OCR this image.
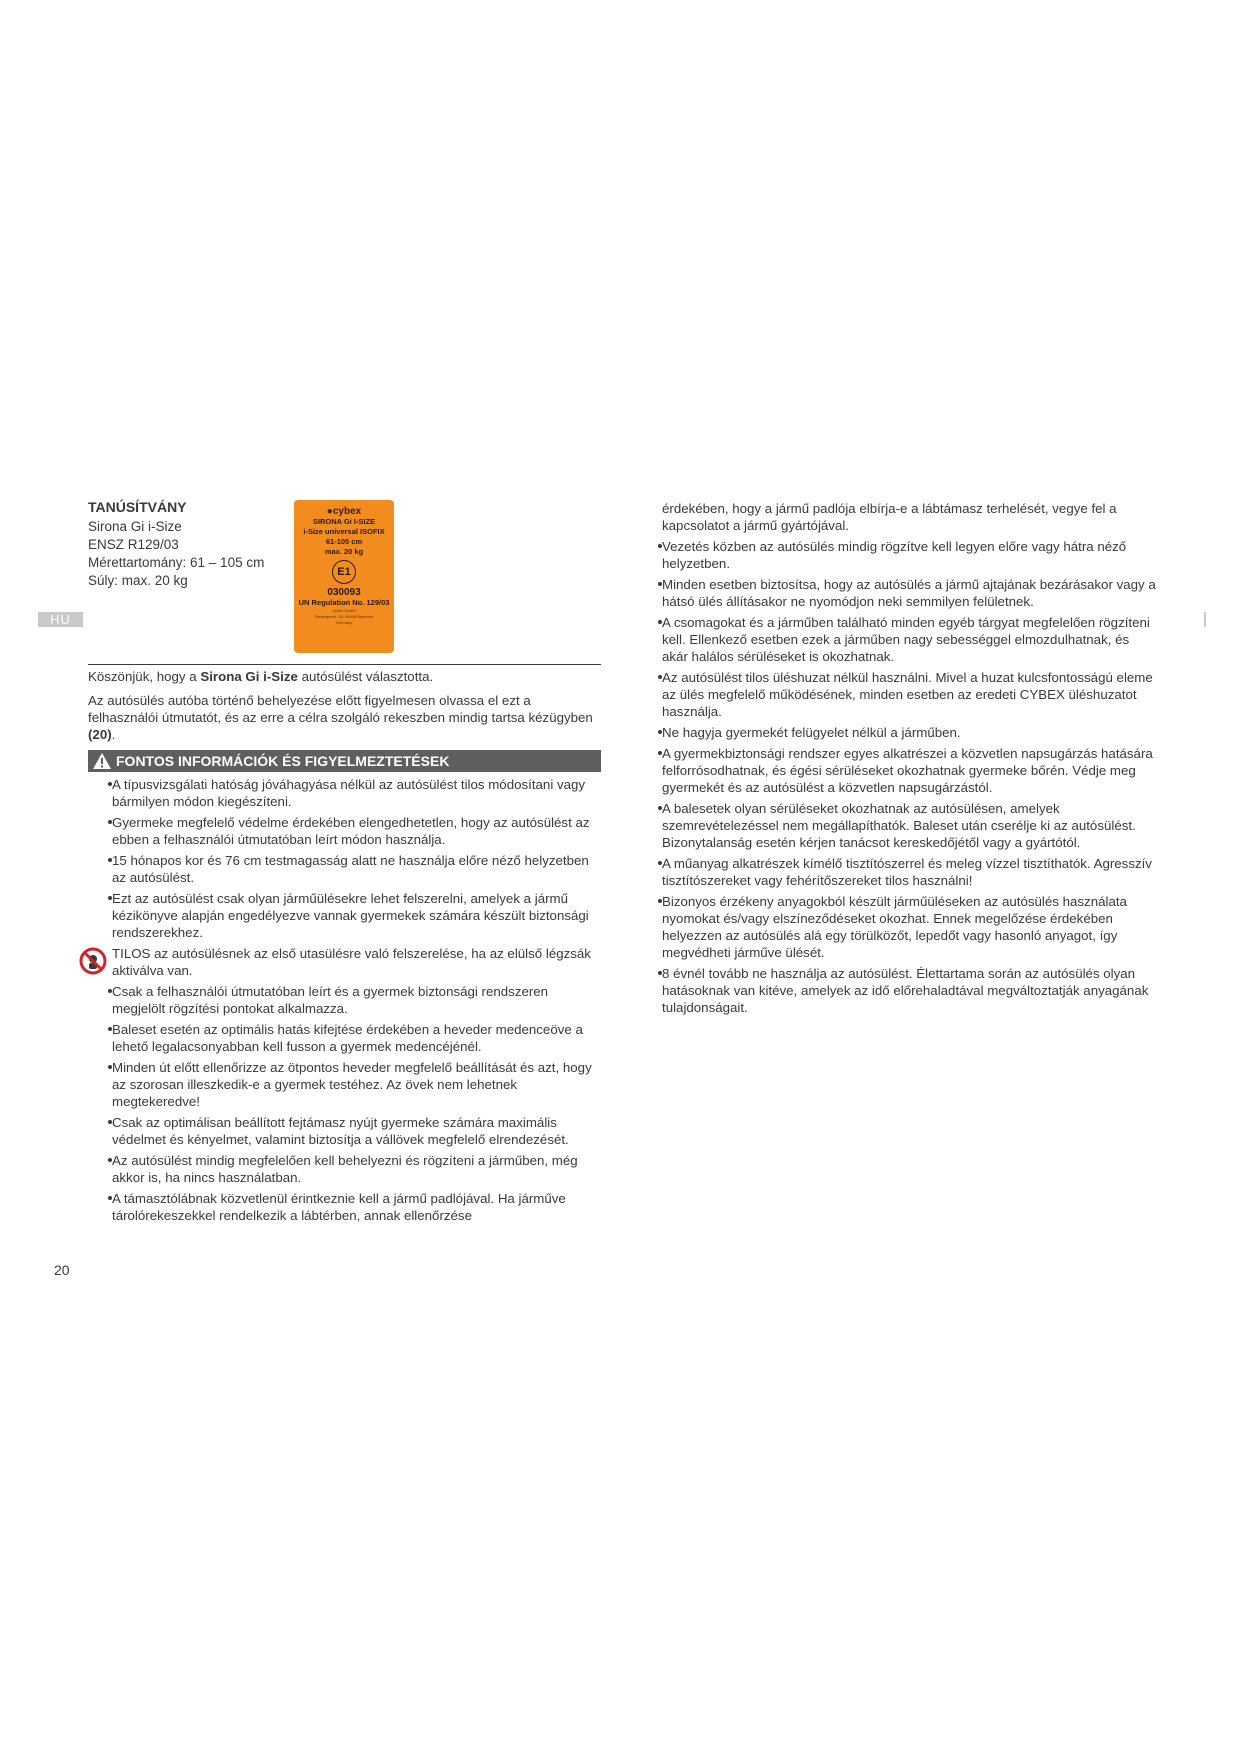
HU
TANÚSÍTVÁNY
Sirona Gi i-Size
ENSZ R129/03
Mérettartomány: 61 – 105 cm
Súly: max. 20 kg
●cybex
SIRONA Gi I-SIZE
i-Size universal ISOFIX
61-105 cm
max. 20 kg
E1
030093
UN Regulation No. 129/03
Cybex GmbH
Riedingerstr. 18, 95448 Bayreuth
Germany

Köszönjük, hogy a Sirona Gi i-Size autósülést választotta.

Az autósülés autóba történő behelyezése előtt figyelmesen olvassa el ezt a felhasználói útmutatót, és az erre a célra szolgáló rekeszben mindig tartsa kézügyben (20).

FONTOS INFORMÁCIÓK ÉS FIGYELMEZTETÉSEK
A típusvizsgálati hatóság jóváhagyása nélkül az autósülést tilos módosítani vagy bármilyen módon kiegészíteni.
Gyermeke megfelelő védelme érdekében elengedhetetlen, hogy az autósülést az ebben a felhasználói útmutatóban leírt módon használja.
15 hónapos kor és 76 cm testmagasság alatt ne használja előre néző helyzetben az autósülést.
Ezt az autósülést csak olyan járműülésekre lehet felszerelni, amelyek a jármű kézikönyve alapján engedélyezve vannak gyermekek számára készült biztonsági rendszerekhez.
TILOS az autósülésnek az első utasülésre való felszerelése, ha az elülső légzsák aktiválva van.
Csak a felhasználói útmutatóban leírt és a gyermek biztonsági rendszeren megjelölt rögzítési pontokat alkalmazza.
Baleset esetén az optimális hatás kifejtése érdekében a heveder medenceöve a lehető legalacsonyabban kell fusson a gyermek medencéjénél.
Minden út előtt ellenőrizze az ötpontos heveder megfelelő beállítását és azt, hogy az szorosan illeszkedik-e a gyermek testéhez. Az övek nem lehetnek megtekeredve!
Csak az optimálisan beállított fejtámasz nyújt gyermeke számára maximális védelmet és kényelmet, valamint biztosítja a vállövek megfelelő elrendezését.
Az autósülést mindig megfelelően kell behelyezni és rögzíteni a járműben, még akkor is, ha nincs használatban.
A támasztólábnak közvetlenül érintkeznie kell a jármű padlójával. Ha járműve tárolórekeszekkel rendelkezik a lábtérben, annak ellenőrzése
érdekében, hogy a jármű padlója elbírja-e a lábtámasz terhelését, vegye fel a kapcsolatot a jármű gyártójával.
Vezetés közben az autósülés mindig rögzítve kell legyen előre vagy hátra néző helyzetben.
Minden esetben biztosítsa, hogy az autósülés a jármű ajtajának bezárásakor vagy a hátsó ülés állításakor ne nyomódjon neki semmilyen felületnek.
A csomagokat és a járműben található minden egyéb tárgyat megfelelően rögzíteni kell. Ellenkező esetben ezek a járműben nagy sebességgel elmozdulhatnak, és akár halálos sérüléseket is okozhatnak.
Az autósülést tilos üléshuzat nélkül használni. Mivel a huzat kulcsfontosságú eleme az ülés megfelelő működésének, minden esetben az eredeti CYBEX üléshuzatot használja.
Ne hagyja gyermekét felügyelet nélkül a járműben.
A gyermekbiztonsági rendszer egyes alkatrészei a közvetlen napsugárzás hatására felforrósodhatnak, és égési sérüléseket okozhatnak gyermeke bőrén. Védje meg gyermekét és az autósülést a közvetlen napsugárzástól.
A balesetek olyan sérüléseket okozhatnak az autósülésen, amelyek szemrevételezéssel nem megállapíthatók. Baleset után cserélje ki az autósülést. Bizonytalanság esetén kérjen tanácsot kereskedőjétől vagy a gyártótól.
A műanyag alkatrészek kímélő tisztítószerrel és meleg vízzel tisztíthatók. Agresszív tisztítószereket vagy fehérítőszereket tilos használni!
Bizonyos érzékeny anyagokból készült járműüléseken az autósülés használata nyomokat és/vagy elszíneződéseket okozhat. Ennek megelőzése érdekében helyezzen az autósülés alá egy törülközőt, lepedőt vagy hasonló anyagot, így megvédheti járműve ülését.
8 évnél tovább ne használja az autósülést. Élettartama során az autósülés olyan hatásoknak van kitéve, amelyek az idő előrehaladtával megváltoztatják anyagának tulajdonságait.
20
